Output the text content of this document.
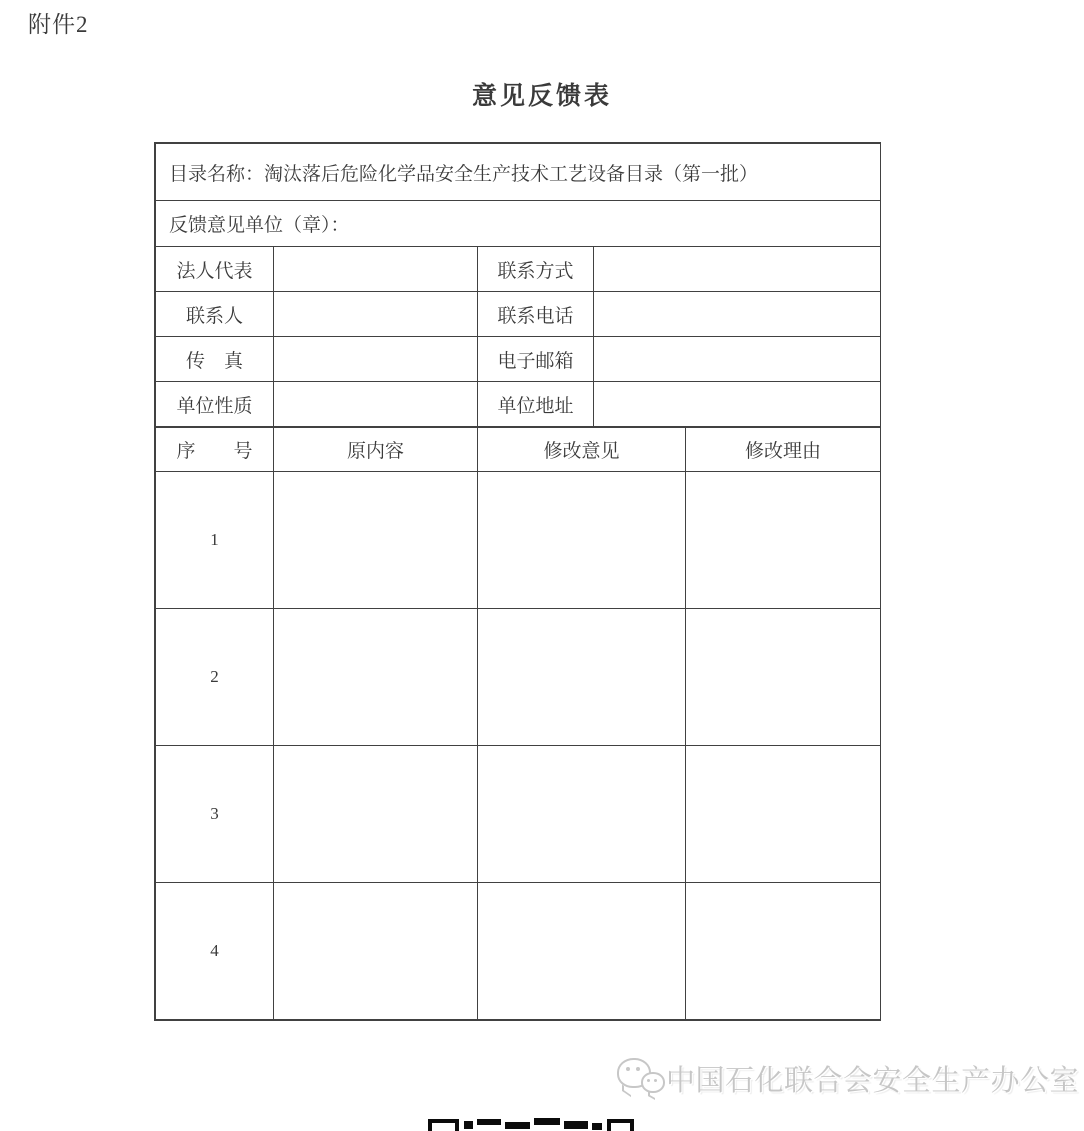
附件2
意见反馈表
目录名称：淘汰落后危险化学品安全生产技术工艺设备目录（第一批）			
反馈意见单位（章）：			
法人代表		联系方式	
联系人		联系电话	
传　真		电子邮箱	
单位性质		单位地址	
序　　号	原内容	修改意见	修改理由
1			
2			
3			
4			
中国石化联合会安全生产办公室
